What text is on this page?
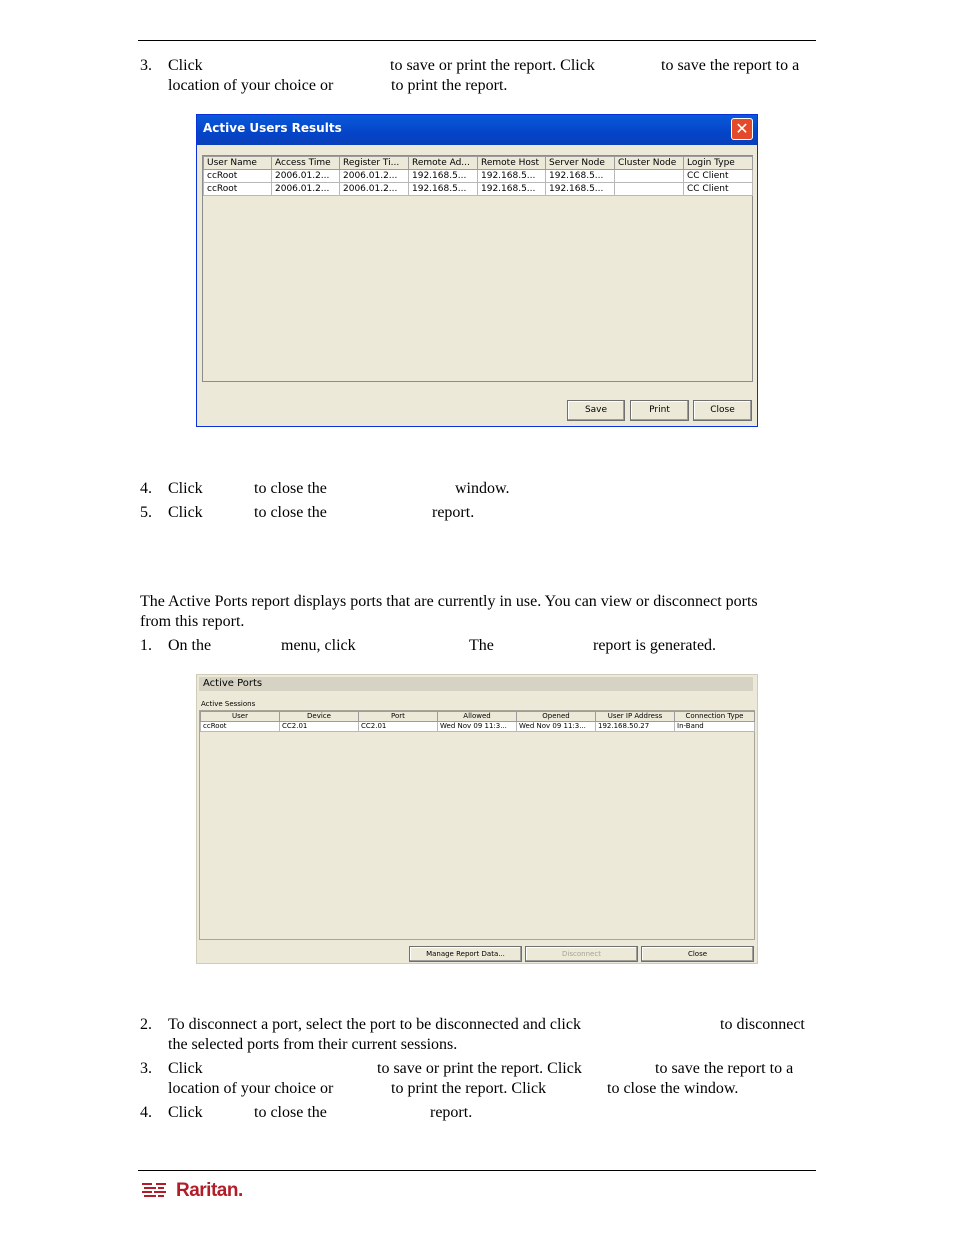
3. Click	to save or print the report. Click	to save the report to a
location of your choice or	to print the report.
Active Users Results	✕
User Name	Access Time	Register Ti...	Remote Ad...	Remote Host	Server Node	Cluster Node	Login Type
ccRoot	2006.01.2...	2006.01.2...	192.168.5...	192.168.5...	192.168.5...		CC Client
ccRoot	2006.01.2...	2006.01.2...	192.168.5...	192.168.5...	192.168.5...		CC Client
Save	Print	Close
4. Click	to close the	window.
5. Click	to close the	report.
The Active Ports report displays ports that are currently in use. You can view or disconnect ports
from this report.
1. On the	menu, click	The	report is generated.
Active Ports
Active Sessions
User	Device	Port	Allowed	Opened	User IP Address	Connection Type
ccRoot	CC2.01	CC2.01	Wed Nov 09 11:3...	Wed Nov 09 11:3...	192.168.50.27	In-Band
Manage Report Data...	Disconnect	Close
2. To disconnect a port, select the port to be disconnected and click	to disconnect
the selected ports from their current sessions.
3. Click	to save or print the report. Click	to save the report to a
location of your choice or	to print the report. Click	to close the window.
4. Click	to close the	report.
Raritan.
